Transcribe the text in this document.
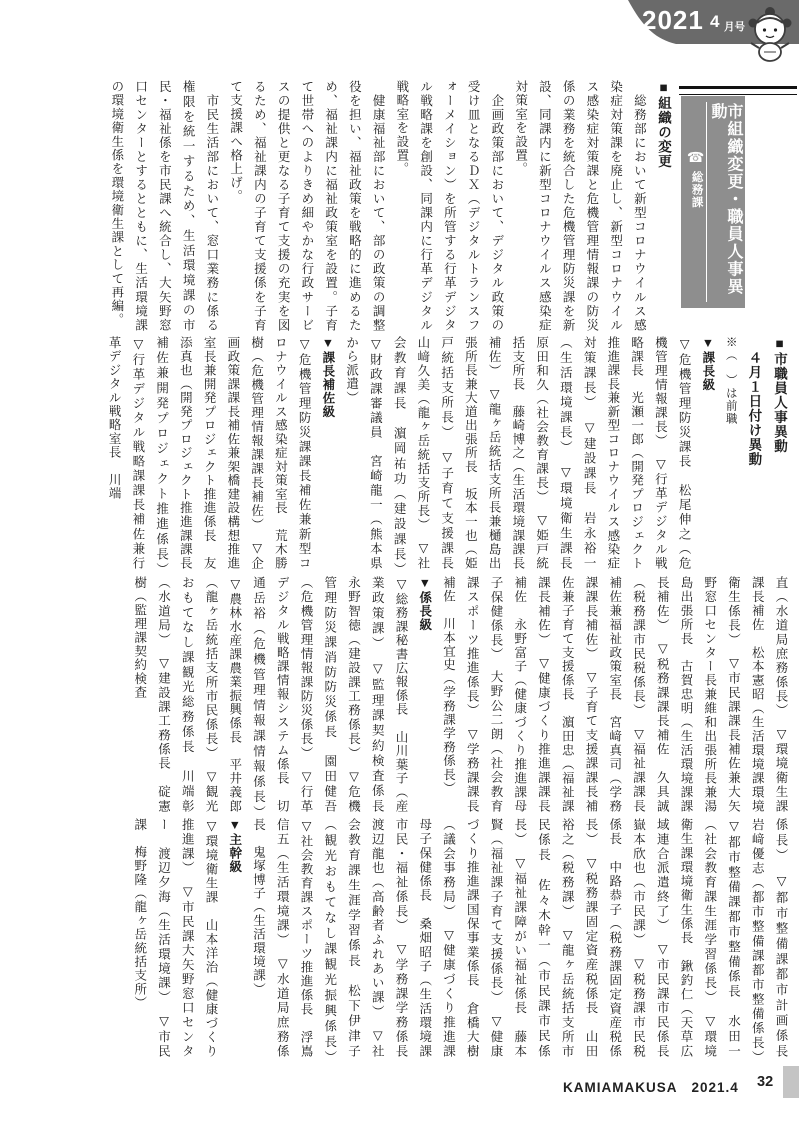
2021 4 月号
市組織変更・職員人事異動
☎総務課
■組織の変更

　総務部において新型コロナウイルス感染症対策課を廃止し、新型コロナウイルス感染症対策課と危機管理情報課の防災係の業務を統合した危機管理防災課を新設、同課内に新型コロナウイルス感染症対策室を設置。

　企画政策部において、デジタル政策の受け皿となるＤＸ（デジタルトランスフォーメイション）を所管する行革デジタル戦略課を創設、同課内に行革デジタル戦略室を設置。

　健康福祉部において、部の政策の調整役を担い、福祉政策を戦略的に進めるため、福祉課内に福祉政策室を設置。子育て世帯へのよりきめ細やかな行政サービスの提供と更なる子育て支援の充実を図るため、福祉課内の子育て支援係を子育て支援課へ格上げ。

　市民生活部において、窓口業務に係る権限を統一するため、生活環境課の市民・福祉係を市民課へ統合し、大矢野窓口センターとするとともに、生活環境課の環境衛生係を環境衛生課として再編。

■市職員人事異動
　４月１日付け異動
※（　）は前職
▼課長級
▽危機管理防災課長　松尾伸之（危機管理情報課長）　▽行革デジタル戦略課長　光瀬一郎（開発プロジェクト推進課長兼新型コロナウイルス感染症対策課長）　▽建設課長　岩永裕一（生活環境課長）　▽環境衛生課長　原田和久（社会教育課長）　▽姫戸統括支所長　藤崎博之（生活環境課課長補佐）　▽龍ヶ岳統括支所長兼樋島出張所長兼大道出張所長　坂本一也（姫戸統括支所長）　▽子育て支援課長　山﨑久美（龍ヶ岳統括支所長）　▽社会教育課長　濵岡祐功（建設課長）　▽財政課審議員　宮崎龍一（熊本県から派遣）
▼課長補佐級
▽危機管理防災課課長補佐兼新型コロナウイルス感染症対策室長　荒木勝樹（危機管理情報課課長補佐）　▽企画政策課課長補佐兼架橋建設構想推進室長兼開発プロジェクト推進係長　友添真也（開発プロジェクト推進課課長補佐兼開発プロジェクト推進係長）　▽行革デジタル戦略課課長補佐兼行革デジタル戦略室長　川端
直（水道局庶務係長）　▽環境衛生課課長補佐　松本憲昭（生活環境課環境衛生係長）　▽市民課課長補佐兼大矢野窓口センター長兼維和出張所長兼湯島出張所長　古賀忠明（生活環境課課長補佐）　▽税務課課長補佐　久具誠（税務課市民税係長）　▽福祉課課長補佐兼福祉政策室長　宮﨑真司（学務課課長補佐）　▽子育て支援課課長補佐兼子育て支援係長　濵田忠（福祉課課長補佐）　▽健康づくり推進課課長補佐　永野富子（健康づくり推進課母子保健係長）　大野公二朗（社会教育課スポーツ推進係長）　▽学務課課長補佐　川本宜史（学務課学務係長）
▼係長級
▽総務課秘書広報係長　山川葉子（産業政策課）　▽監理課契約検査係長　永野智徳（建設課工務係長）　▽危機管理防災課消防防災係長　園田健吾（危機管理情報課防災係長）　▽行革デジタル戦略課情報システム係長　切通岳裕（危機管理情報課情報係長）　▽農林水産課農業振興係長　平井義郎（龍ヶ岳統括支所市民係長）　▽観光おもてなし課観光総務係長　川端彰（水道局）　▽建設課工務係長　碇憲樹（監理課契約検査
係長）　▽都市整備課都市計画係長　岩﨑優志（都市整備課都市整備係長）　▽都市整備課都市整備係長　水田一（社会教育課生涯学習係長）　▽環境衛生課環境衛生係長　鍬釣仁（天草広域連合派遣終了）　▽市民課市民係長　嶽本欣也（市民課）　▽税務課市民税係長　中路恭子（税務課固定資産税係長）　▽税務課固定資産税係長　山田裕之（税務課）　▽龍ヶ岳統括支所市民係長　佐々木幹一（市民課市民係長）　▽福祉課障がい福祉係長　藤本賢（福祉課子育て支援係長）　▽健康づくり推進課国保事業係長　倉橋大樹（議会事務局）　▽健康づくり推進課母子保健係長　桑畑昭子（生活環境課市民・福祉係長）　▽学務課学務係長　渡辺龍也（高齢者ふれあい課）　▽社会教育課生涯学習係長　松下伊津子（観光おもてなし課観光振興係長）　▽社会教育課スポーツ推進係長　浮嶌信五（生活環境課）　▽水道局庶務係長　鬼塚博子（生活環境課）
▼主幹級
▽環境衛生課　山本洋治（健康づくり推進課）　▽市民課大矢野窓口センター　渡辺夕海（生活環境課）　▽市民課　梅野隆（龍ヶ岳統括支所）
KAMIAMAKUSA　2021.4 32
